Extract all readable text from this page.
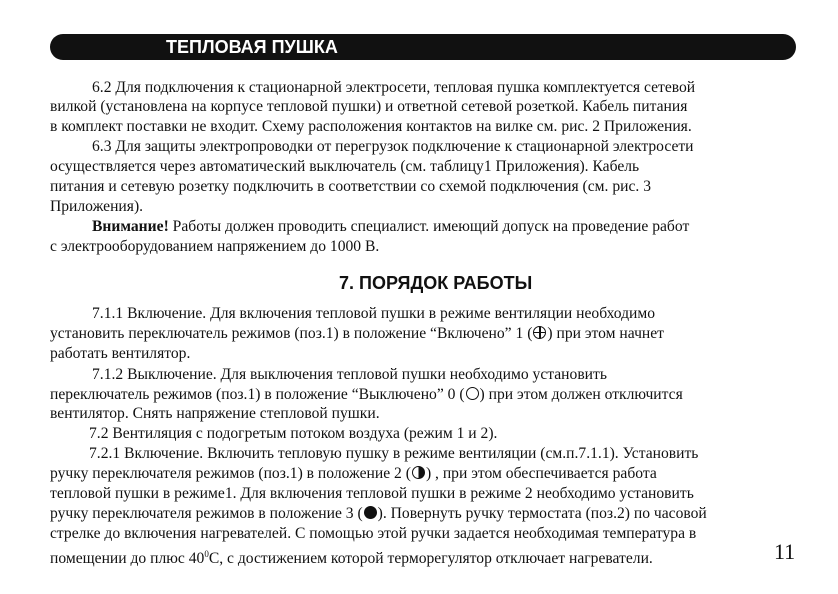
ТЕПЛОВАЯ ПУШКА
6.2 Для подключения к стационарной электросети, тепловая пушка комплектуется сетевой
вилкой (установлена на корпусе тепловой пушки) и ответной сетевой розеткой. Кабель питания
в комплект поставки не входит. Схему расположения контактов на вилке см. рис. 2 Приложения.
6.3 Для защиты электропроводки от перегрузок подключение к стационарной электросети
осуществляется через автоматический выключатель (см. таблицу1 Приложения). Кабель
питания и сетевую розетку подключить в соответствии со схемой подключения (см. рис. 3
Приложения).
Внимание! Работы должен проводить специалист. имеющий допуск на проведение работ
с электрооборудованием напряжением до 1000 В.
7. ПОРЯДОК РАБОТЫ
7.1.1 Включение. Для включения тепловой пушки в режиме вентиляции необходимо
установить переключатель режимов (поз.1) в положение “Включено” 1 ( ) при этом начнет
работать вентилятор.
7.1.2 Выключение. Для выключения тепловой пушки необходимо установить
переключатель режимов (поз.1) в положение “Выключено” 0 ( ) при этом должен отключится
вентилятор. Снять напряжение степловой пушки.
7.2 Вентиляция с подогретым потоком воздуха (режим 1 и 2).
7.2.1 Включение. Включить тепловую пушку в режиме вентиляции (см.п.7.1.1). Установить
ручку переключателя режимов (поз.1) в положение 2 ( ) , при этом обеспечивается работа
тепловой пушки в режиме1. Для включения тепловой пушки в режиме 2 необходимо установить
ручку переключателя режимов в положение 3 ( ). Повернуть ручку термостата (поз.2) по часовой
стрелке до включения нагревателей. С помощью этой ручки задается необходимая температура в
помещении до плюс $40^0С$, с достижением которой терморегулятор отключает нагреватели.	11
